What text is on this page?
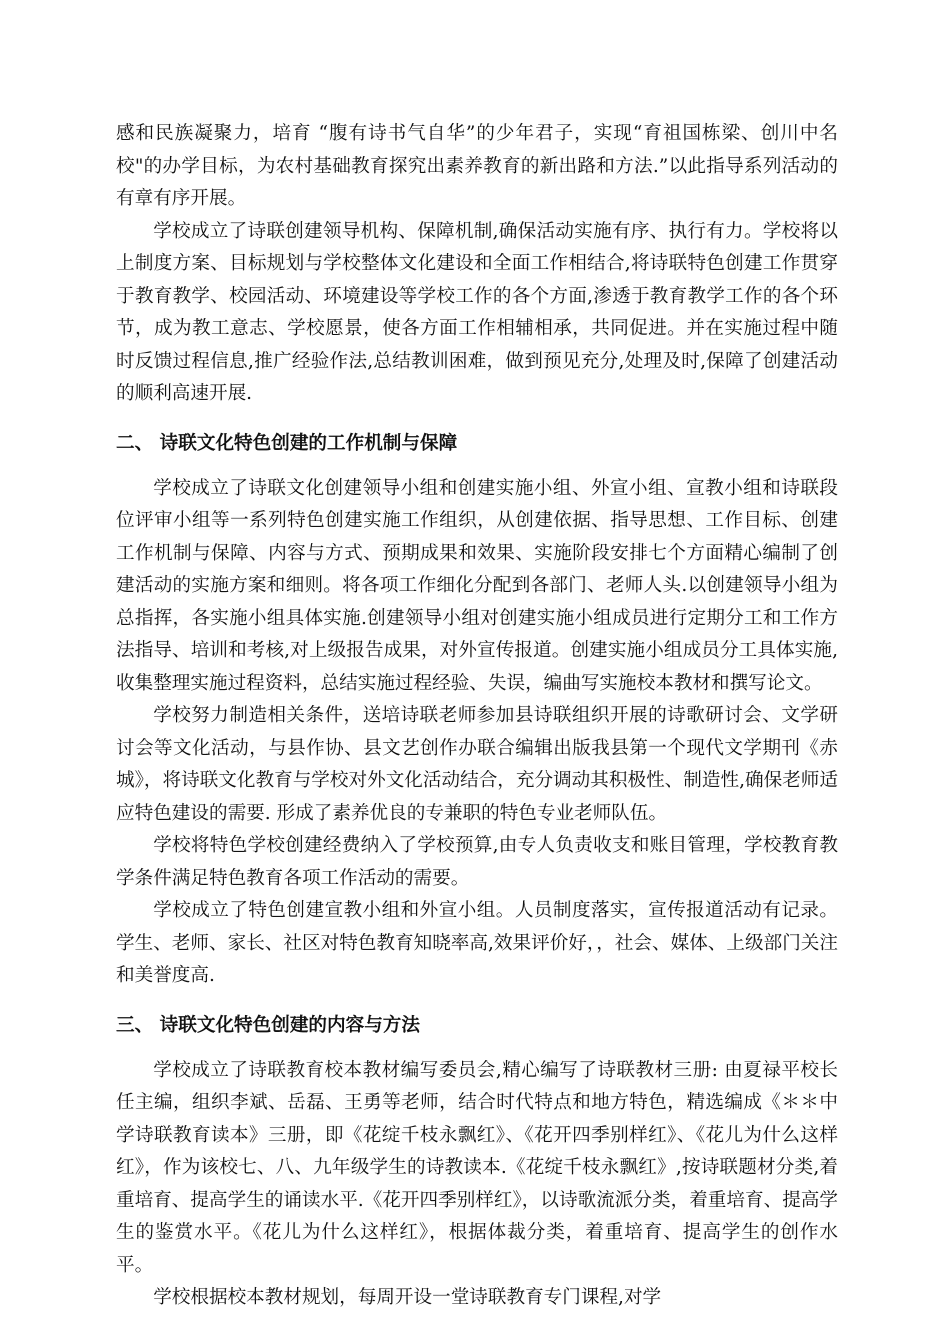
感和民族凝聚力，培育 “腹有诗书气自华”的少年君子，实现“育祖国栋梁、创川中名校"的办学目标，为农村基础教育探究出素养教育的新出路和方法.”以此指导系列活动的有章有序开展。

学校成立了诗联创建领导机构、保障机制,确保活动实施有序、执行有力。学校将以上制度方案、目标规划与学校整体文化建设和全面工作相结合,将诗联特色创建工作贯穿于教育教学、校园活动、环境建设等学校工作的各个方面,渗透于教育教学工作的各个环节，成为教工意志、学校愿景，使各方面工作相辅相承，共同促进。并在实施过程中随时反馈过程信息,推广经验作法,总结教训困难，做到预见充分,处理及时,保障了创建活动的顺利高速开展.

二、 诗联文化特色创建的工作机制与保障

学校成立了诗联文化创建领导小组和创建实施小组、外宣小组、宣教小组和诗联段位评审小组等一系列特色创建实施工作组织，从创建依据、指导思想、工作目标、创建工作机制与保障、内容与方式、预期成果和效果、实施阶段安排七个方面精心编制了创建活动的实施方案和细则。将各项工作细化分配到各部门、老师人头.以创建领导小组为总指挥，各实施小组具体实施.创建领导小组对创建实施小组成员进行定期分工和工作方法指导、培训和考核,对上级报告成果，对外宣传报道。创建实施小组成员分工具体实施,收集整理实施过程资料，总结实施过程经验、失误，编曲写实施校本教材和撰写论文。

学校努力制造相关条件，送培诗联老师参加县诗联组织开展的诗歌研讨会、文学研讨会等文化活动，与县作协、县文艺创作办联合编辑出版我县第一个现代文学期刊《赤城》，将诗联文化教育与学校对外文化活动结合，充分调动其积极性、制造性,确保老师适应特色建设的需要. 形成了素养优良的专兼职的特色专业老师队伍。

学校将特色学校创建经费纳入了学校预算,由专人负责收支和账目管理，学校教育教学条件满足特色教育各项工作活动的需要。

学校成立了特色创建宣教小组和外宣小组。人员制度落实，宣传报道活动有记录。学生、老师、家长、社区对特色教育知晓率高,效果评价好，，社会、媒体、上级部门关注和美誉度高.

三、 诗联文化特色创建的内容与方法

学校成立了诗联教育校本教材编写委员会,精心编写了诗联教材三册: 由夏禄平校长任主编，组织李斌、岳磊、王勇等老师，结合时代特点和地方特色，精选编成《＊＊中学诗联教育读本》三册，即《花绽千枝永飘红》、《花开四季别样红》、《花儿为什么这样红》，作为该校七、八、九年级学生的诗教读本.《花绽千枝永飘红》,按诗联题材分类,着重培育、提高学生的诵读水平.《花开四季别样红》，以诗歌流派分类，着重培育、提高学生的鉴赏水平。《花儿为什么这样红》，根据体裁分类，着重培育、提高学生的创作水平。

学校根据校本教材规划，每周开设一堂诗联教育专门课程,对学
